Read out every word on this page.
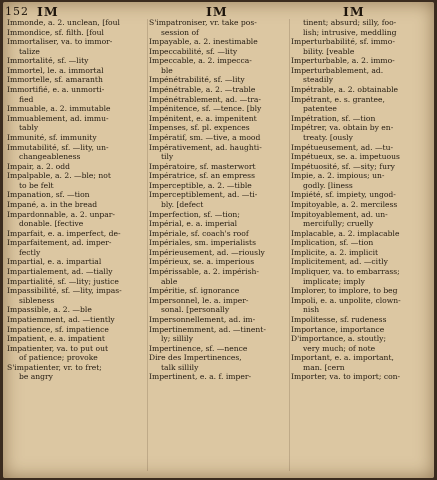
152 IM	IM	IM
Immonde, a. 2. unclean, [foul
Immondice, sf. filth. [foul
Immortaliser, va. to immor-
talize
Immortalité, sf. —lity
Immortel, le. a. immortal
Immortelle, sf. amaranth
Immortifié, e. a. unmorti-
fied
Immuable, a. 2. immutable
Immuablement, ad. immu-
tably
Immunité, sf. immunity
Immutabilité, sf. —lity, un-
changeableness
Impair, a. 2. odd
Impalpable, a. 2. —ble; not
to be felt
Impanation, sf. —tion
Impané, a. in the bread
Impardonnable, a. 2. unpar-
donable. [fective
Imparfait, e. a. imperfect, de-
Imparfaitement, ad. imper-
fectly
Impartial, e. a. impartial
Impartialement, ad. —tially
Impartialité, sf. —lity; justice
Impassibilité, sf. —lity, impas-
sibleness
Impassible, a. 2. —ble
Impatiemment, ad. —tiently
Impatience, sf. impatience
Impatient, e. a. impatient
Impatienter, va. to put out
of patience; provoke
S'impatienter, vr. to fret;
be angry
S'impatroniser, vr. take pos-
session of
Impayable, a. 2. inestimable
Impeccabilité, sf. —lity
Impeccable, a. 2. impecca-
ble
Impénétrabilité, sf. —lity
Impénétrable, a. 2. —trable
Impénétrablement, ad. —tra-
Impénitence, sf. —tence. [bly
Impénitent, e. a. impenitent
Impenses, sf. pl. expences
Impératif, sm. —tive, a mood
Impérativement, ad. haughti-
tily
Impératoire, sf. masterwort
Impératrice, sf. an empress
Imperceptible, a. 2. —tible
Imperceptiblement, ad. —ti-
bly. [defect
Imperfection, sf. —tion;
Impérial, e. a. imperial
Impériale, sf. coach's roof
Impériales, sm. imperialists
Impérieusement, ad. —riously
Impérieux, se. a. imperious
Impérissable, a. 2. impérish-
able
Impéritie, sf. ignorance
Impersonnel, le. a. imper-
sonal. [personally
Impersonnellement, ad. im-
Impertinemment, ad. —tinent-
ly; sillily
Impertinence, sf. —nence
Dire des Impertinences,
talk sillily
Impertinent, e. a. f. imper-
tinent; absurd; silly, foo-
lish; intrusive, meddling
Imperturbabilité, sf. immo-
bility. [veable
Imperturbable, a. 2. immo-
Imperturbablement, ad.
steadily
Impétrable, a. 2. obtainable
Impétrant, e. s. grantee,
patentee
Impétration, sf. —tion
Impétrer, va. obtain by en-
treaty. [ously
Impétueusement, ad. —tu-
Impétueux, se. a. impetuous
Impétuosité, sf. —sity; fury
Impie, a. 2. impious; un-
godly. [liness
Impiété, sf. impiety, ungod-
Impitoyable, a. 2. merciless
Impitoyablement, ad. un-
mercifully; cruelly
Implacable, a. 2. implacable
Implication, sf. —tion
Implicite, a. 2. implicit
Implicitement, ad. —citly
Impliquer, va. to embarrass;
implicate; imply
Implorer, to implore, to beg
Impoli, e. a. unpolite, clown-
nish
Impolitesse, sf. rudeness
Importance, importance
D'importance, a. stoutly;
very much; of note
Important, e. a. important,
man. [cern
Importer, va. to import; con-
